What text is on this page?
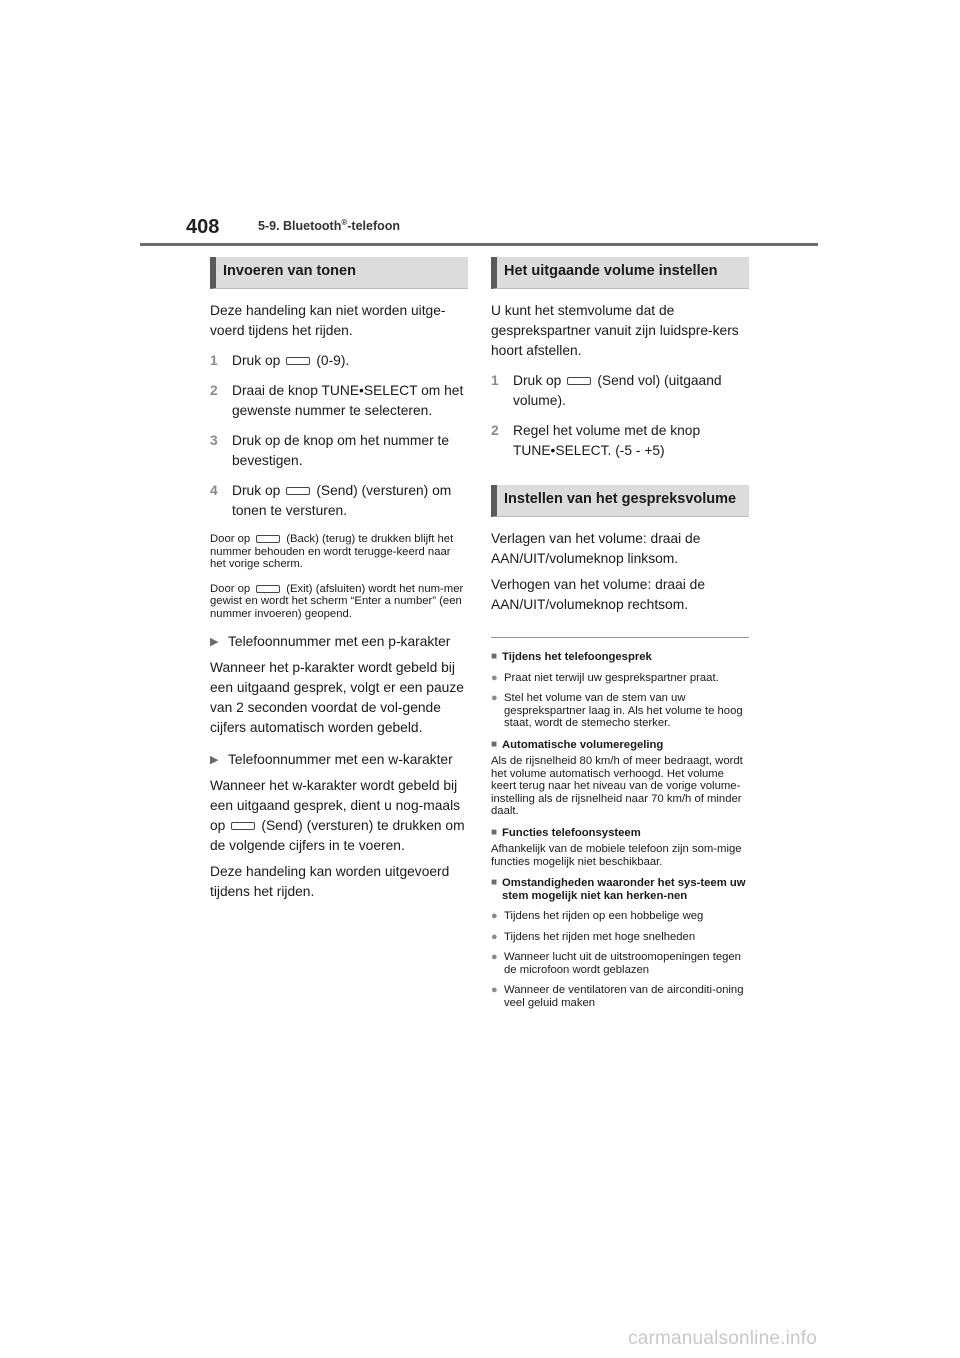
408	5-9. Bluetooth®-telefoon
Invoeren van tonen

Deze handeling kan niet worden uitge-voerd tijdens het rijden.

1	Druk op	(0-9).
2	Draai de knop TUNE•SELECT om het gewenste nummer te selecteren.
3	Druk op de knop om het nummer te bevestigen.
4	Druk op	(Send) (versturen) om tonen te versturen.
Door op	(Back) (terug) te drukken blijft het nummer behouden en wordt terugge-keerd naar het vorige scherm.
Door op	(Exit) (afsluiten) wordt het num-mer gewist en wordt het scherm “Enter a number” (een nummer invoeren) geopend.
▶ Telefoonnummer met een p-karakter

Wanneer het p-karakter wordt gebeld bij een uitgaand gesprek, volgt er een pauze van 2 seconden voordat de vol-gende cijfers automatisch worden gebeld.

▶ Telefoonnummer met een w-karakter

Wanneer het w-karakter wordt gebeld bij een uitgaand gesprek, dient u nog-maals op	(Send) (versturen) te drukken om de volgende cijfers in te voeren.

Deze handeling kan worden uitgevoerd tijdens het rijden.

Het uitgaande volume instellen

U kunt het stemvolume dat de gesprekspartner vanuit zijn luidspre-kers hoort afstellen.

1	Druk op	(Send vol) (uitgaand volume).
2	Regel het volume met de knop TUNE•SELECT. (-5 - +5)
Instellen van het gespreksvolume

Verlagen van het volume: draai de AAN/UIT/volumeknop linksom.

Verhogen van het volume: draai de AAN/UIT/volumeknop rechtsom.

■ Tijdens het telefoongesprek
● Praat niet terwijl uw gesprekspartner praat.
● Stel het volume van de stem van uw gesprekspartner laag in. Als het volume te hoog staat, wordt de stemecho sterker.
■ Automatische volumeregeling
Als de rijsnelheid 80 km/h of meer bedraagt, wordt het volume automatisch verhoogd. Het volume keert terug naar het niveau van de vorige volume-instelling als de rijsnelheid naar 70 km/h of minder daalt.
■ Functies telefoonsysteem
Afhankelijk van de mobiele telefoon zijn som-mige functies mogelijk niet beschikbaar.
■ Omstandigheden waaronder het sys-teem uw stem mogelijk niet kan herken-nen
● Tijdens het rijden op een hobbelige weg
● Tijdens het rijden met hoge snelheden
● Wanneer lucht uit de uitstroomopeningen tegen de microfoon wordt geblazen
● Wanneer de ventilatoren van de airconditi-oning veel geluid maken
carmanualsonline.info
